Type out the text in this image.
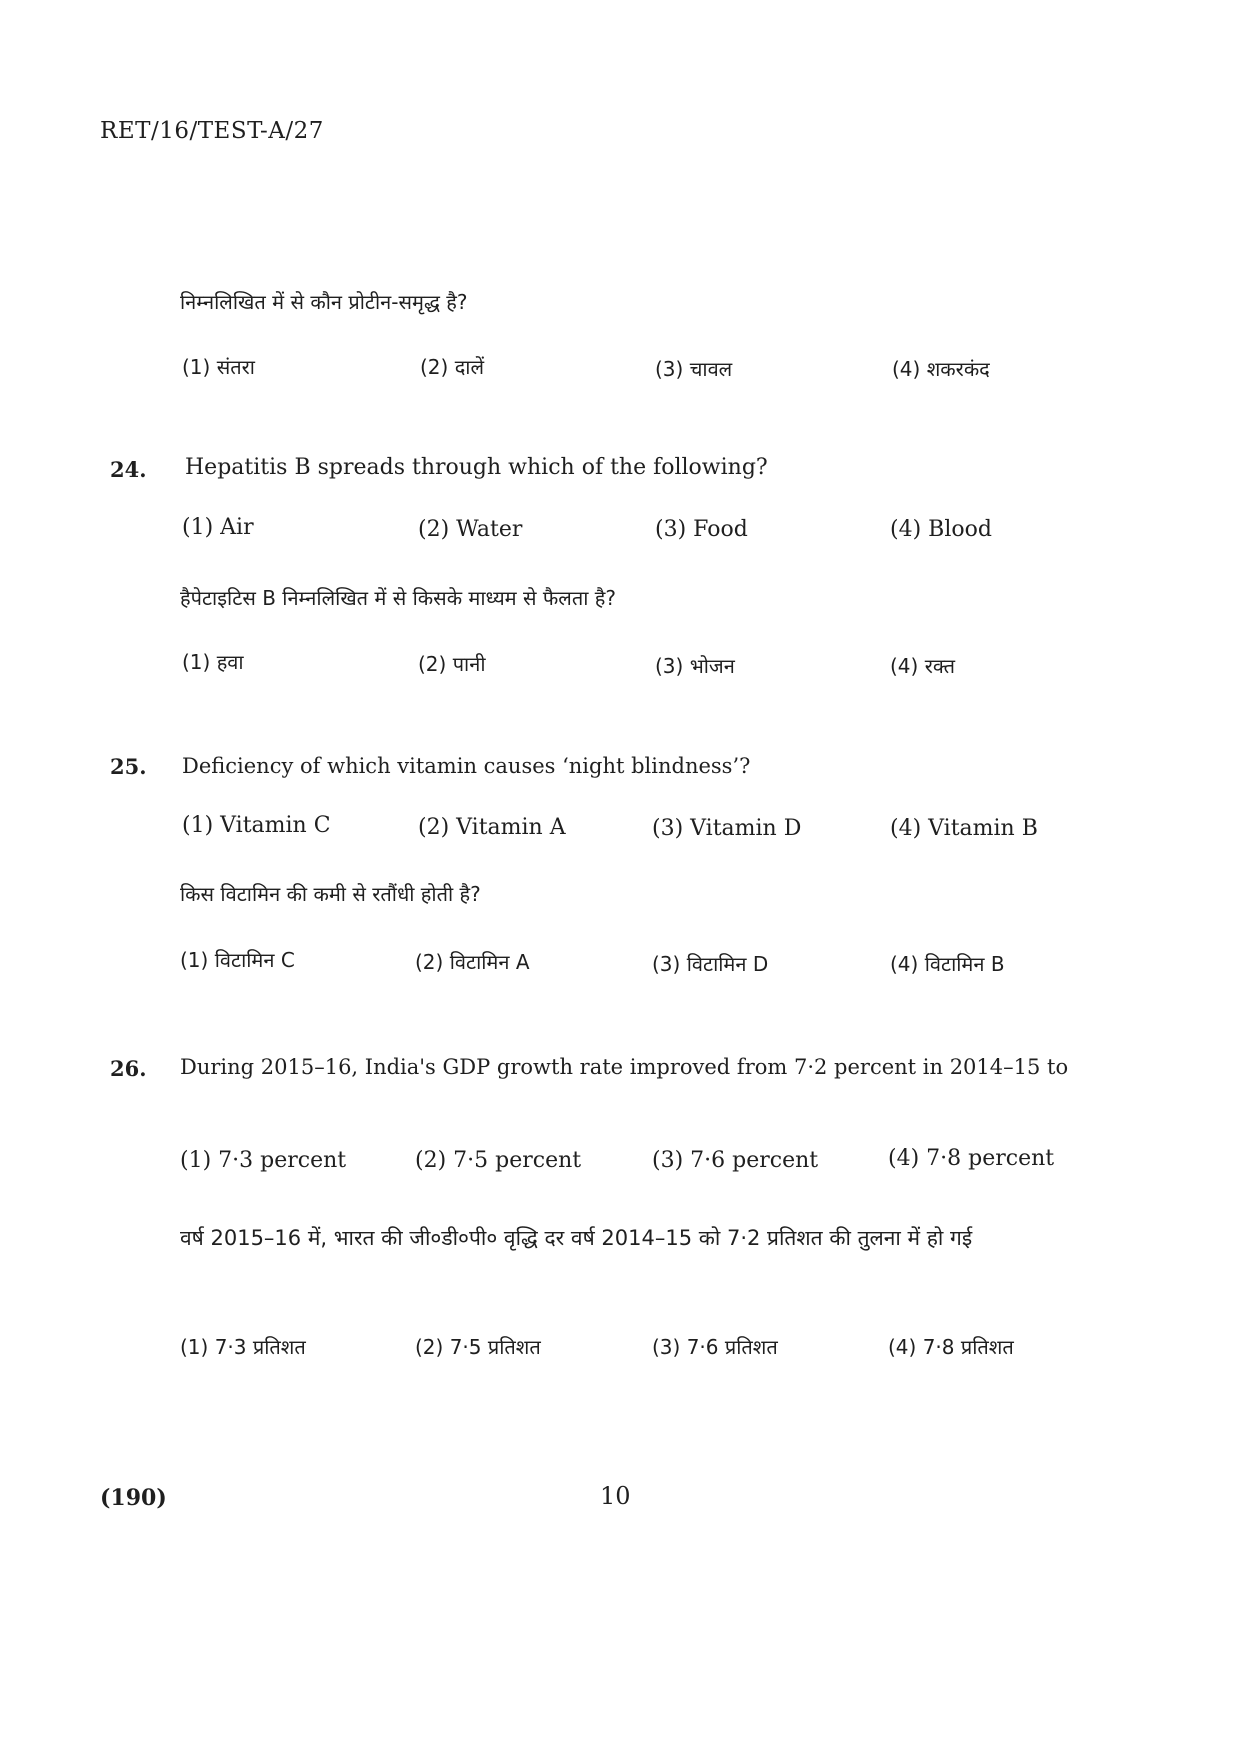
RET/16/TEST-A/27
निम्नलिखित में से कौन प्रोटीन-समृद्ध है?
(1) संतरा	(2) दालें	(3) चावल	(4) शकरकंद
24. Hepatitis B spreads through which of the following?
(1) Air	(2) Water	(3) Food	(4) Blood
हैपेटाइटिस B निम्नलिखित में से किसके माध्यम से फैलता है?
(1) हवा	(2) पानी	(3) भोजन	(4) रक्त
25. Deficiency of which vitamin causes ‘night blindness’?
(1) Vitamin C	(2) Vitamin A	(3) Vitamin D	(4) Vitamin B
किस विटामिन की कमी से रतौंधी होती है?
(1) विटामिन C	(2) विटामिन A	(3) विटामिन D	(4) विटामिन B
26. During 2015–16, India's GDP growth rate improved from 7·2 percent in 2014–15 to
(1) 7·3 percent	(2) 7·5 percent	(3) 7·6 percent	(4) 7·8 percent
वर्ष 2015–16 में, भारत की जी०डी०पी० वृद्धि दर वर्ष 2014–15 को 7·2 प्रतिशत की तुलना में हो गई
(1) 7·3 प्रतिशत	(2) 7·5 प्रतिशत	(3) 7·6 प्रतिशत	(4) 7·8 प्रतिशत
(190)	10
